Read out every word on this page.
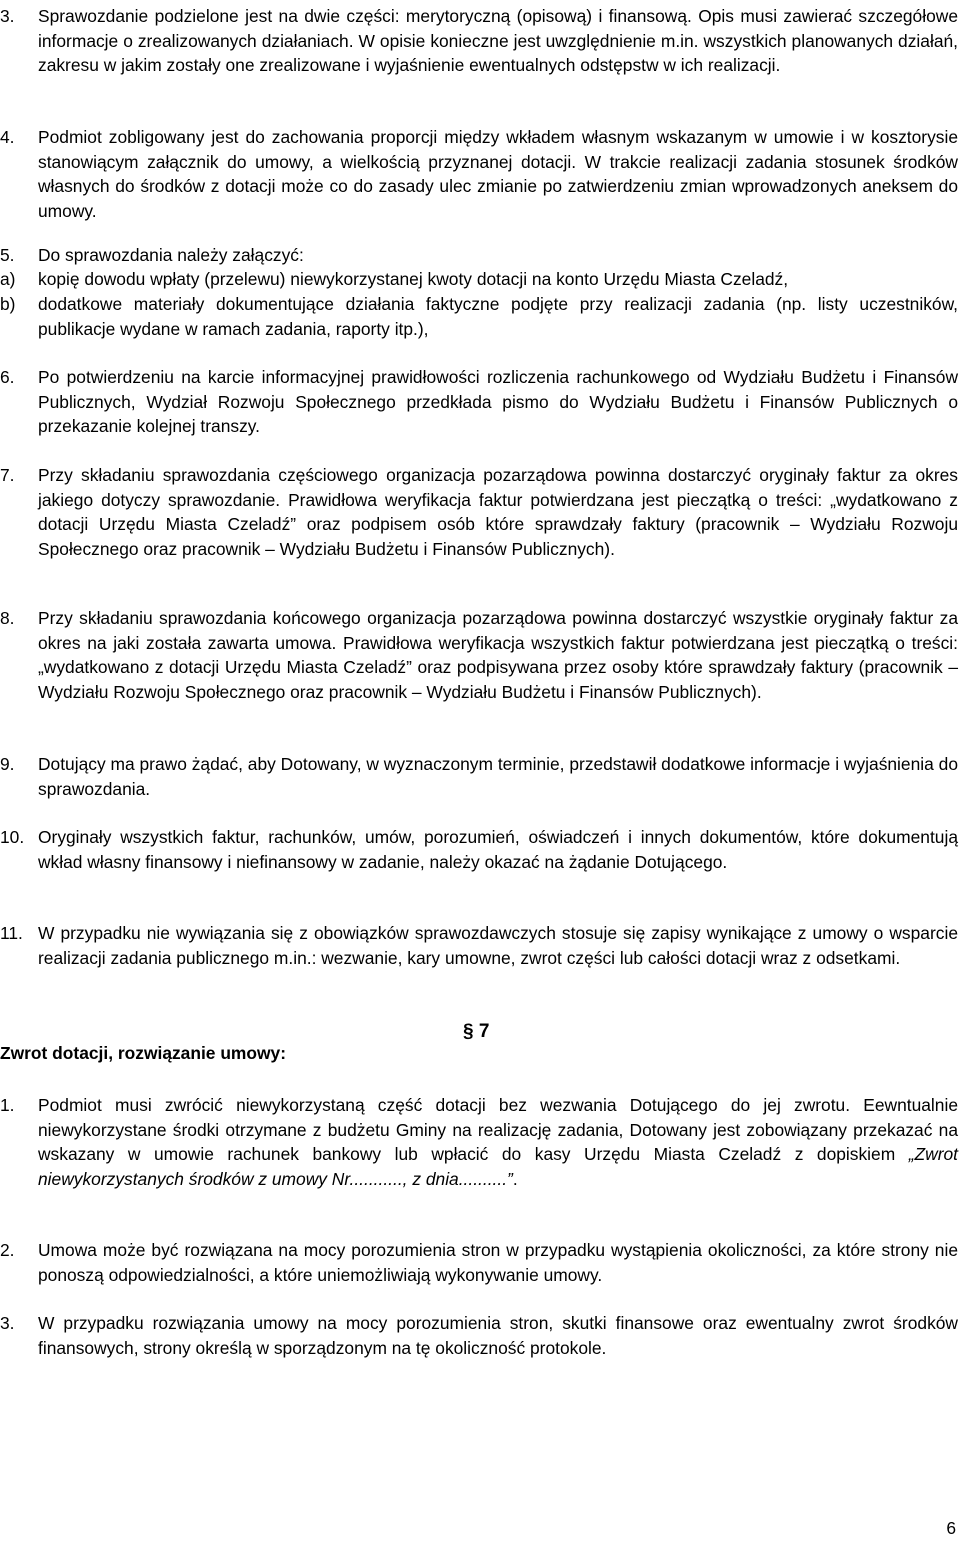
3.	Sprawozdanie podzielone jest na dwie części: merytoryczną (opisową) i finansową. Opis musi zawierać szczegółowe informacje o zrealizowanych działaniach. W opisie konieczne jest uwzględnienie m.in. wszystkich planowanych działań, zakresu w jakim zostały one zrealizowane i wyjaśnienie ewentualnych odstępstw w ich realizacji.

4.	Podmiot zobligowany jest do zachowania proporcji między wkładem własnym wskazanym w umowie i w kosztorysie stanowiącym załącznik do umowy, a wielkością przyznanej dotacji. W trakcie realizacji zadania stosunek środków własnych do środków z dotacji może co do zasady ulec zmianie po zatwierdzeniu zmian wprowadzonych aneksem do umowy.

5.	Do sprawozdania należy załączyć:

a)	kopię dowodu wpłaty (przelewu) niewykorzystanej kwoty dotacji na konto Urzędu Miasta Czeladź,

b)	dodatkowe materiały dokumentujące działania faktyczne podjęte przy realizacji zadania (np. listy uczestników, publikacje wydane w ramach zadania, raporty itp.),

6.	Po potwierdzeniu na karcie informacyjnej prawidłowości rozliczenia rachunkowego od Wydziału Budżetu i Finansów Publicznych, Wydział Rozwoju Społecznego przedkłada pismo do Wydziału Budżetu i Finansów Publicznych o przekazanie kolejnej transzy.

7.	Przy składaniu sprawozdania częściowego organizacja pozarządowa powinna dostarczyć oryginały faktur za okres jakiego dotyczy sprawozdanie. Prawidłowa weryfikacja faktur potwierdzana jest pieczątką o treści: „wydatkowano z dotacji Urzędu Miasta Czeladź” oraz podpisem osób które sprawdzały faktury (pracownik – Wydziału Rozwoju Społecznego oraz pracownik – Wydziału Budżetu i Finansów Publicznych).

8.	Przy składaniu sprawozdania końcowego organizacja pozarządowa powinna dostarczyć wszystkie oryginały faktur za okres na jaki została zawarta umowa. Prawidłowa weryfikacja wszystkich faktur potwierdzana jest pieczątką o treści: „wydatkowano z dotacji Urzędu Miasta Czeladź” oraz podpisywana przez osoby które sprawdzały faktury (pracownik – Wydziału Rozwoju Społecznego oraz pracownik – Wydziału Budżetu i Finansów Publicznych).

9.	Dotujący ma prawo żądać, aby Dotowany, w wyznaczonym terminie, przedstawił dodatkowe informacje i wyjaśnienia do sprawozdania.

10. Oryginały wszystkich faktur, rachunków, umów, porozumień, oświadczeń i innych dokumentów, które dokumentują wkład własny finansowy i niefinansowy w zadanie, należy okazać na żądanie Dotującego.

11. W przypadku nie wywiązania się z obowiązków sprawozdawczych stosuje się zapisy wynikające z umowy o wsparcie realizacji zadania publicznego m.in.: wezwanie, kary umowne, zwrot części lub całości dotacji wraz z odsetkami.

§ 7

Zwrot dotacji, rozwiązanie umowy:

1.	Podmiot musi zwrócić niewykorzystaną część dotacji bez wezwania Dotującego do jej zwrotu. Eewntualnie niewykorzystane środki otrzymane z budżetu Gminy na realizację zadania, Dotowany jest zobowiązany przekazać na wskazany w umowie rachunek bankowy lub wpłacić do kasy Urzędu Miasta Czeladź z dopiskiem „Zwrot niewykorzystanych środków z umowy Nr..........., z dnia..........”.

2.	Umowa może być rozwiązana na mocy porozumienia stron w przypadku wystąpienia okoliczności, za które strony nie ponoszą odpowiedzialności, a które uniemożliwiają wykonywanie umowy.

3.	W przypadku rozwiązania umowy na mocy porozumienia stron, skutki finansowe oraz ewentualny zwrot środków finansowych, strony określą w sporządzonym na tę okoliczność protokole.

6
